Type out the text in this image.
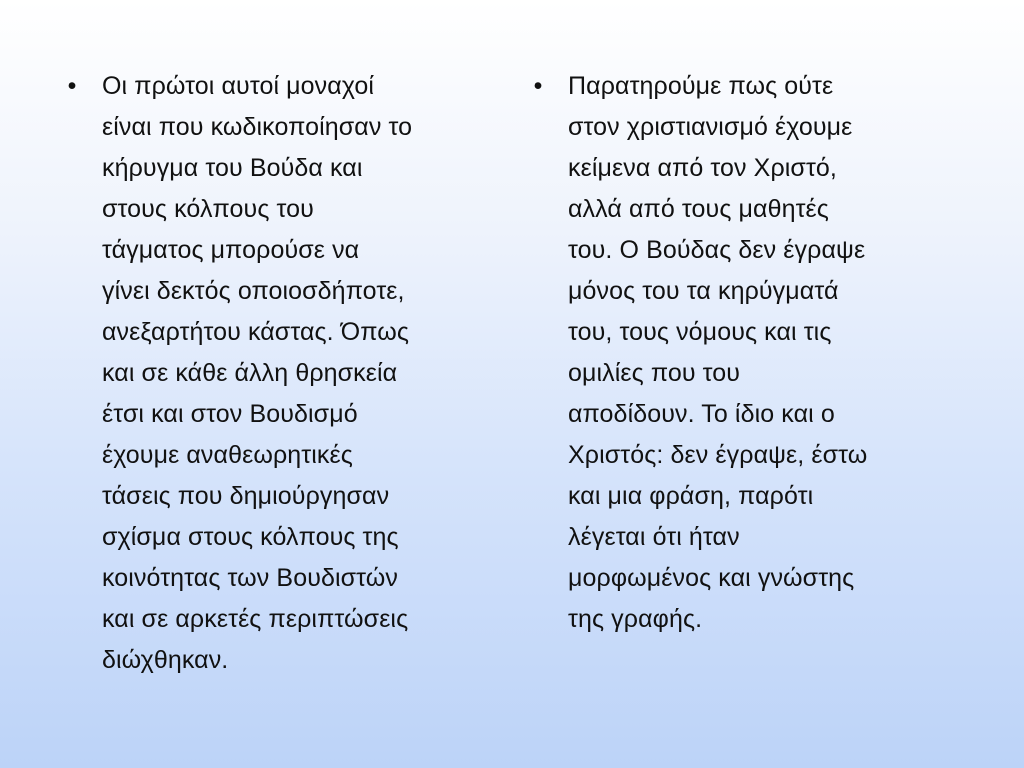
• Οι πρώτοι αυτοί μοναχοί
είναι που κωδικοποίησαν το
κήρυγμα του Βούδα και
στους κόλπους του
τάγματος μπορούσε να
γίνει δεκτός οποιοσδήποτε,
ανεξαρτήτου κάστας. Όπως
και σε κάθε άλλη θρησκεία
έτσι και στον Βουδισμό
έχουμε αναθεωρητικές
τάσεις που δημιούργησαν
σχίσμα στους κόλπους της
κοινότητας των Βουδιστών
και σε αρκετές περιπτώσεις
διώχθηκαν.
• Παρατηρούμε πως ούτε
στον χριστιανισμό έχουμε
κείμενα από τον Χριστό,
αλλά από τους μαθητές
του. Ο Βούδας δεν έγραψε
μόνος του τα κηρύγματά
του, τους νόμους και τις
ομιλίες που του
αποδίδουν. Το ίδιο και ο
Χριστός: δεν έγραψε, έστω
και μια φράση, παρότι
λέγεται ότι ήταν
μορφωμένος και γνώστης
της γραφής.
